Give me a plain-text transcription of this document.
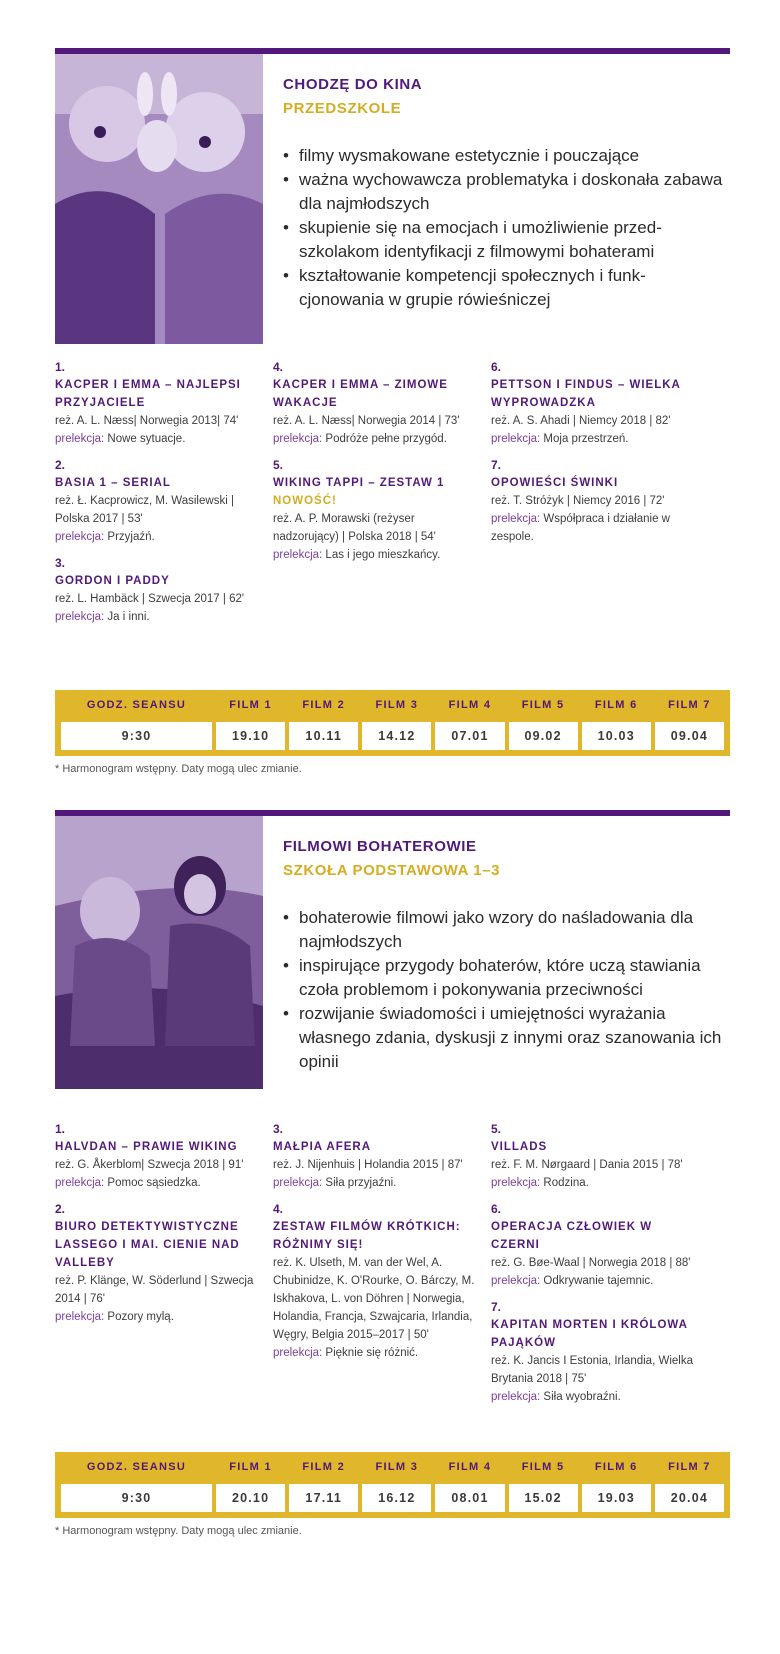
CHODZĘ DO KINA
PRZEDSZKOLE
• filmy wysmakowane estetycznie i pouczające
• ważna wychowawcza problematyka i doskonała zabawa dla najmłodszych
• skupienie się na emocjach i umożliwienie przedszkolakom identyfikacji z filmowymi bohaterami
• kształtowanie kompetencji społecznych i funkcjonowania w grupie rówieśniczej
1.
KACPER I EMMA – NAJLEPSI PRZYJACIELE
reż. A. L. Næss| Norwegia 2013| 74'
prelekcja: Nowe sytuacje.
2.
BASIA 1 – SERIAL
reż. Ł. Kacprowicz, M. Wasilewski | Polska 2017 | 53'
prelekcja: Przyjaźń.
3.
GORDON I PADDY
reż. L. Hambäck | Szwecja 2017 | 62'
prelekcja: Ja i inni.
4.
KACPER I EMMA – ZIMOWE WAKACJE
reż. A. L. Næss| Norwegia 2014 | 73'
prelekcja: Podróże pełne przygód.
5.
WIKING TAPPI – ZESTAW 1
NOWOŚĆ!
reż. A. P. Morawski (reżyser nadzorujący) | Polska 2018 | 54'
prelekcja: Las i jego mieszkańcy.
6.
PETTSON I FINDUS – WIELKA WYPROWADZKA
reż. A. S. Ahadi | Niemcy 2018 | 82'
prelekcja: Moja przestrzeń.
7.
OPOWIEŚCI ŚWINKI
reż. T. Stróżyk | Niemcy 2016 | 72'
prelekcja: Współpraca i działanie w zespole.
GODZ. SEANSU	FILM 1	FILM 2	FILM 3	FILM 4	FILM 5	FILM 6	FILM 7
9:30	19.10	10.11	14.12	07.01	09.02	10.03	09.04
* Harmonogram wstępny. Daty mogą ulec zmianie.
FILMOWI BOHATEROWIE
SZKOŁA PODSTAWOWA 1–3
• bohaterowie filmowi jako wzory do naśladowania dla najmłodszych
• inspirujące przygody bohaterów, które uczą stawiania czoła problemom i pokonywania przeciwności
• rozwijanie świadomości i umiejętności wyrażania własnego zdania, dyskusji z innymi oraz szanowania ich opinii
1.
HALVDAN – PRAWIE WIKING
reż. G. Åkerblom| Szwecja 2018 | 91'
prelekcja: Pomoc sąsiedzka.
2.
BIURO DETEKTYWISTYCZNE LASSEGO I MAI. CIENIE NAD VALLEBY
reż. P. Klänge, W. Söderlund | Szwecja 2014 | 76'
prelekcja: Pozory mylą.
3.
MAŁPIA AFERA
reż. J. Nijenhuis | Holandia 2015 | 87'
prelekcja: Siła przyjaźni.
4.
ZESTAW FILMÓW KRÓTKICH: RÓŻNIMY SIĘ!
reż. K. Ulseth, M. van der Wel, A. Chubinidze, K. O'Rourke, O. Bárczy, M. Iskhakova, L. von Döhren | Norwegia, Holandia, Francja, Szwajcaria, Irlandia, Węgry, Belgia 2015–2017 | 50'
prelekcja: Pięknie się różnić.
5.
VILLADS
reż. F. M. Nørgaard | Dania 2015 | 78'
prelekcja: Rodzina.
6.
OPERACJA CZŁOWIEK W CZERNI
reż. G. Bøe-Waal | Norwegia 2018 | 88'
prelekcja: Odkrywanie tajemnic.
7.
KAPITAN MORTEN I KRÓLOWA PAJĄKÓW
reż. K. Jancis I Estonia, Irlandia, Wielka Brytania 2018 | 75'
prelekcja: Siła wyobraźni.
GODZ. SEANSU	FILM 1	FILM 2	FILM 3	FILM 4	FILM 5	FILM 6	FILM 7
9:30	20.10	17.11	16.12	08.01	15.02	19.03	20.04
* Harmonogram wstępny. Daty mogą ulec zmianie.
